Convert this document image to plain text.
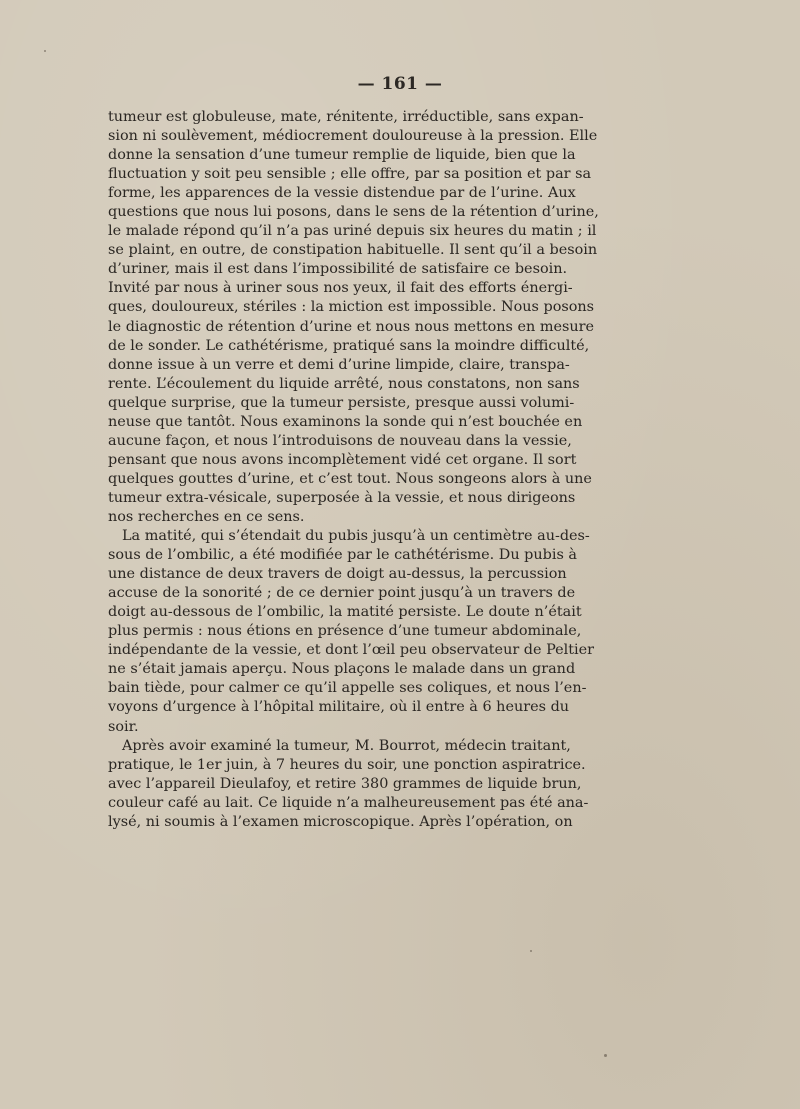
— 161 —
tumeur est globuleuse, mate, rénitente, irréductible, sans expan-
sion ni soulèvement, médiocrement douloureuse à la pression. Elle
donne la sensation d’une tumeur remplie de liquide, bien que la
fluctuation y soit peu sensible ; elle offre, par sa position et par sa
forme, les apparences de la vessie distendue par de l’urine. Aux
questions que nous lui posons, dans le sens de la rétention d’urine,
le malade répond qu’il n’a pas uriné depuis six heures du matin ; il
se plaint, en outre, de constipation habituelle. Il sent qu’il a besoin
d’uriner, mais il est dans l’impossibilité de satisfaire ce besoin.
Invité par nous à uriner sous nos yeux, il fait des efforts énergi-
ques, douloureux, stériles : la miction est impossible. Nous posons
le diagnostic de rétention d’urine et nous nous mettons en mesure
de le sonder. Le cathétérisme, pratiqué sans la moindre difficulté,
donne issue à un verre et demi d’urine limpide, claire, transpa-
rente. L’écoulement du liquide arrêté, nous constatons, non sans
quelque surprise, que la tumeur persiste, presque aussi volumi-
neuse que tantôt. Nous examinons la sonde qui n’est bouchée en
aucune façon, et nous l’introduisons de nouveau dans la vessie,
pensant que nous avons incomplètement vidé cet organe. Il sort
quelques gouttes d’urine, et c’est tout. Nous songeons alors à une
tumeur extra-vésicale, superposée à la vessie, et nous dirigeons
nos recherches en ce sens.
La matité, qui s’étendait du pubis jusqu’à un centimètre au-des-
sous de l’ombilic, a été modifiée par le cathétérisme. Du pubis à
une distance de deux travers de doigt au-dessus, la percussion
accuse de la sonorité ; de ce dernier point jusqu’à un travers de
doigt au-dessous de l’ombilic, la matité persiste. Le doute n’était
plus permis : nous étions en présence d’une tumeur abdominale,
indépendante de la vessie, et dont l’œil peu observateur de Peltier
ne s’était jamais aperçu. Nous plaçons le malade dans un grand
bain tiède, pour calmer ce qu’il appelle ses coliques, et nous l’en-
voyons d’urgence à l’hôpital militaire, où il entre à 6 heures du
soir.
Après avoir examiné la tumeur, M. Bourrot, médecin traitant,
pratique, le 1er juin, à 7 heures du soir, une ponction aspiratrice.
avec l’appareil Dieulafoy, et retire 380 grammes de liquide brun,
couleur café au lait. Ce liquide n’a malheureusement pas été ana-
lysé, ni soumis à l’examen microscopique. Après l’opération, on
